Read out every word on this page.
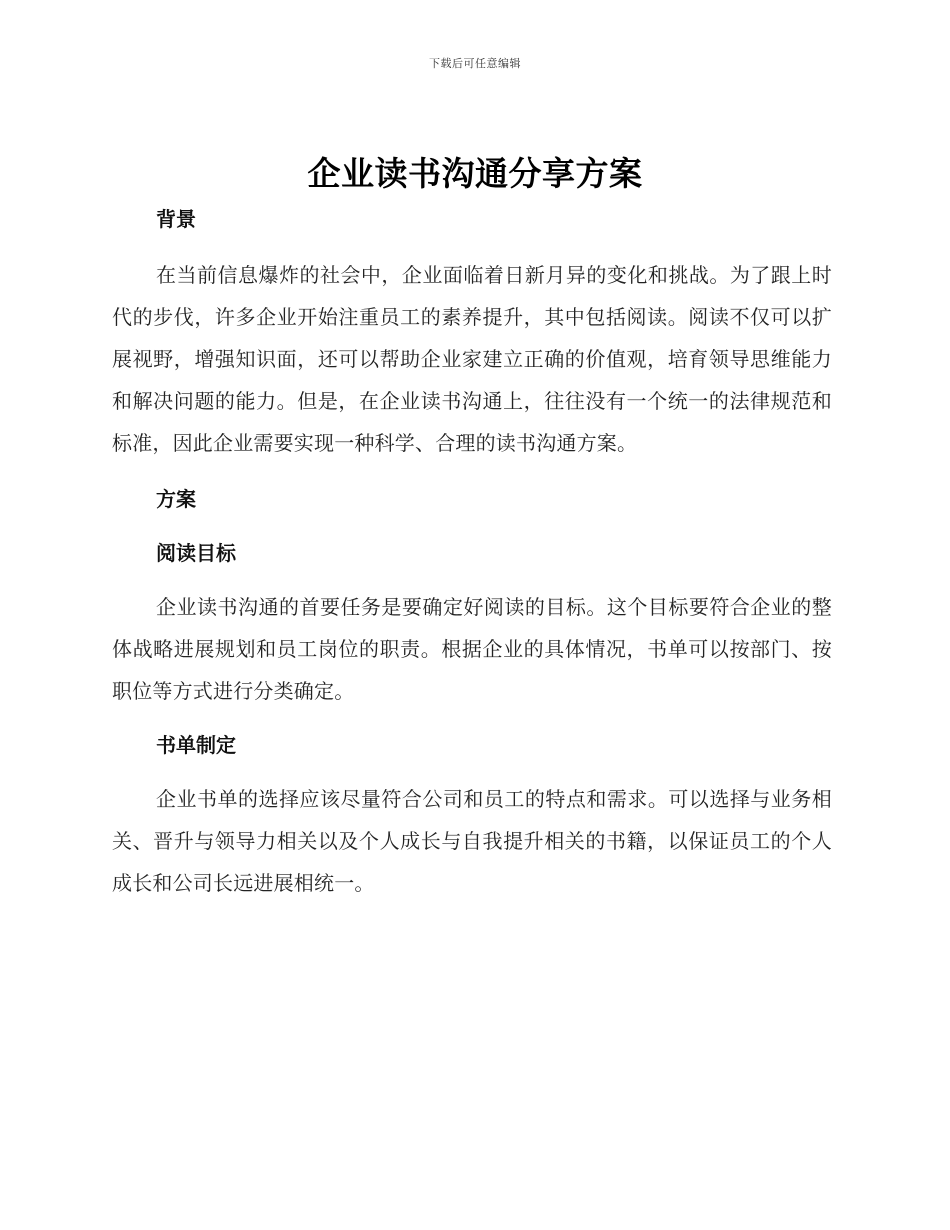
下载后可任意编辑
企业读书沟通分享方案
背景

在当前信息爆炸的社会中，企业面临着日新月异的变化和挑战。为了跟上时代的步伐，许多企业开始注重员工的素养提升，其中包括阅读。阅读不仅可以扩展视野，增强知识面，还可以帮助企业家建立正确的价值观，培育领导思维能力和解决问题的能力。但是，在企业读书沟通上，往往没有一个统一的法律规范和标准，因此企业需要实现一种科学、合理的读书沟通方案。

方案
阅读目标

企业读书沟通的首要任务是要确定好阅读的目标。这个目标要符合企业的整体战略进展规划和员工岗位的职责。根据企业的具体情况，书单可以按部门、按职位等方式进行分类确定。

书单制定

企业书单的选择应该尽量符合公司和员工的特点和需求。可以选择与业务相关、晋升与领导力相关以及个人成长与自我提升相关的书籍，以保证员工的个人成长和公司长远进展相统一。
